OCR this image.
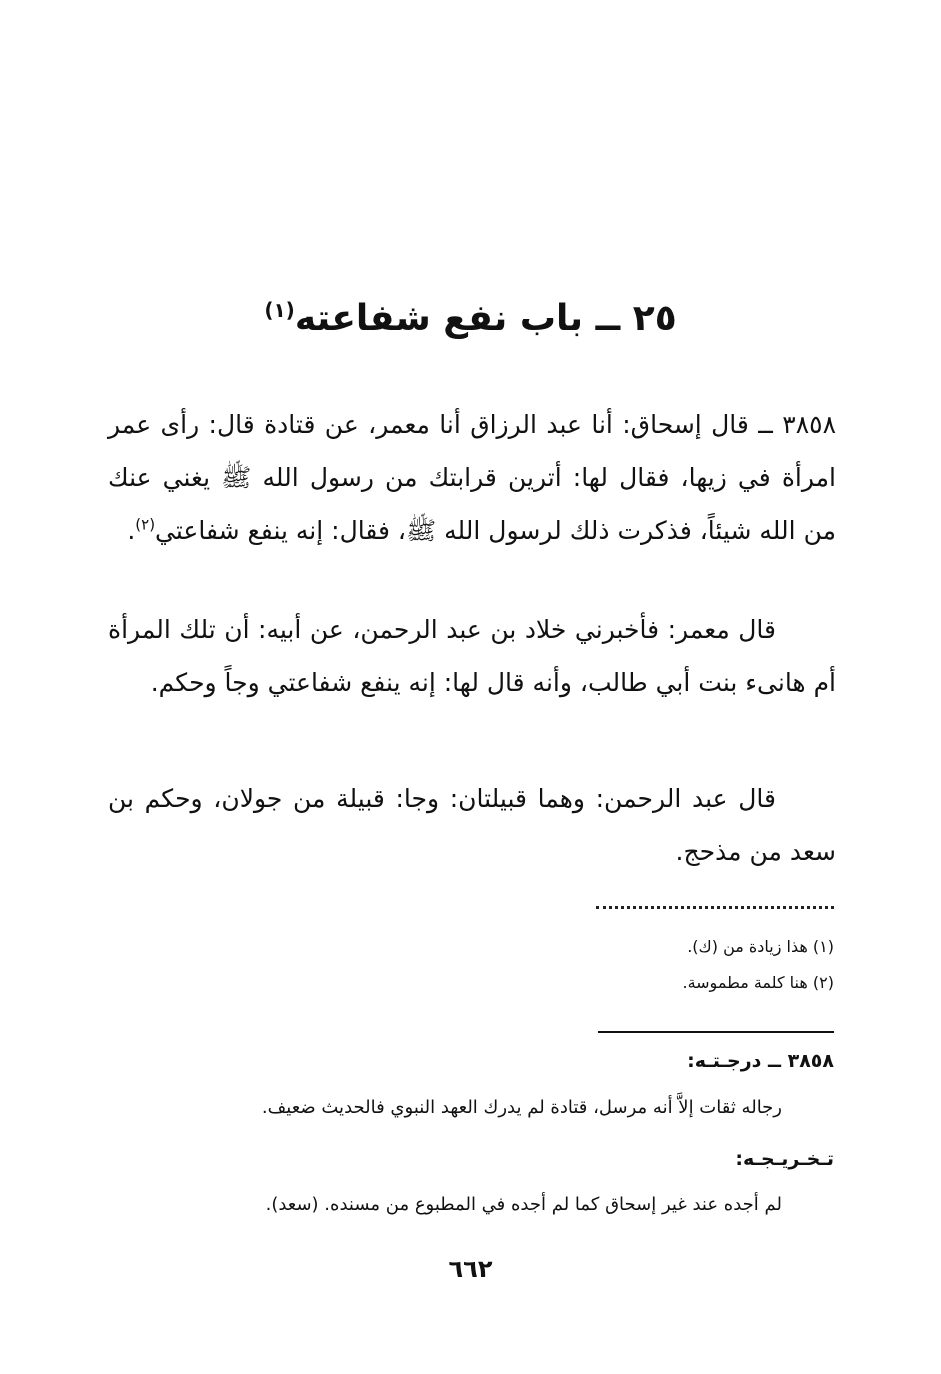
٢٥ ــ باب نفع شفاعته$^{(١)}$
٣٨٥٨ ــ قال إسحاق: أنا عبد الرزاق أنا معمر، عن قتادة قال: رأى عمر امرأة في زيها، فقال لها: أترين قرابتك من رسول الله ﷺ يغني عنك من الله شيئاً، فذكرت ذلك لرسول الله ﷺ، فقال: إنه ينفع شفاعتي$^{(٢)}$.
قال معمر: فأخبرني خلاد بن عبد الرحمن، عن أبيه: أن تلك المرأة أم هانىء بنت أبي طالب، وأنه قال لها: إنه ينفع شفاعتي وجاً وحكم.
قال عبد الرحمن: وهما قبيلتان: وجا: قبيلة من جولان، وحكم بن سعد من مذحج.
(١) هذا زيادة من (ك).
(٢) هنا كلمة مطموسة.
٣٨٥٨ ــ درجـتـه:
رجاله ثقات إلاَّ أنه مرسل، قتادة لم يدرك العهد النبوي فالحديث ضعيف.
تـخـريـجـه:
لم أجده عند غير إسحاق كما لم أجده في المطبوع من مسنده. (سعد).
٦٦٢
